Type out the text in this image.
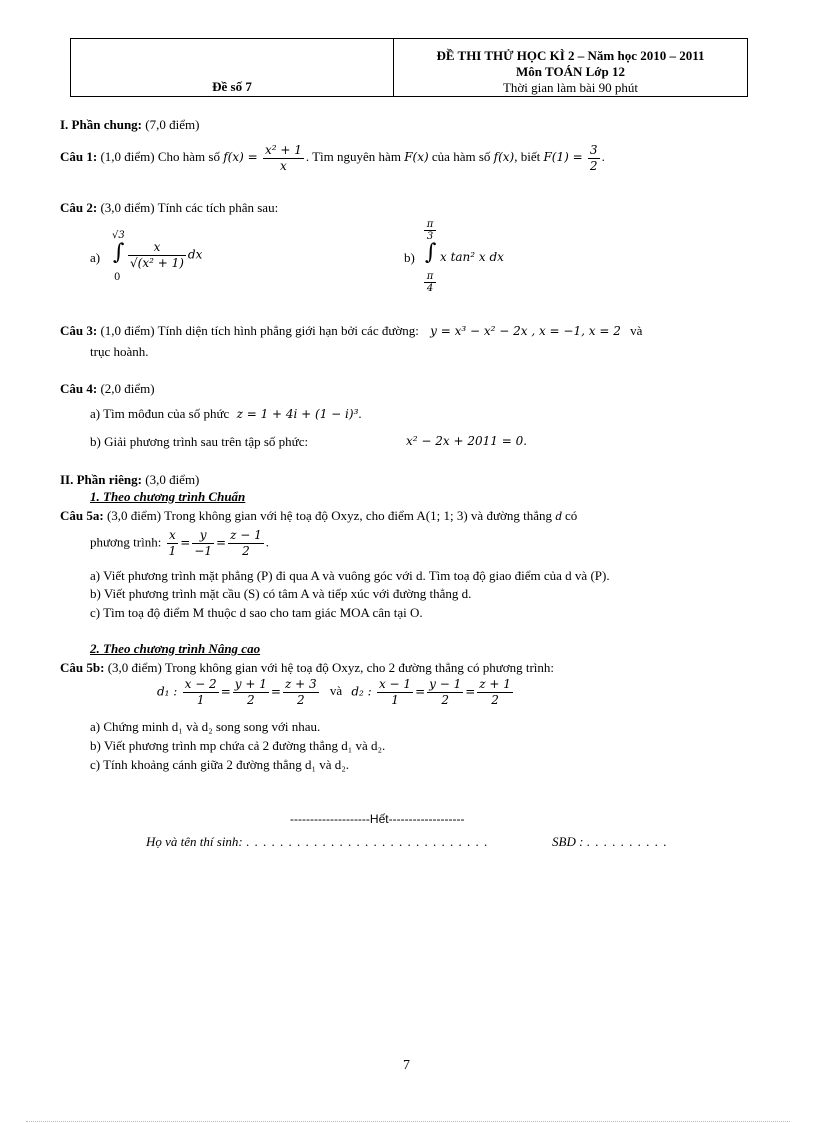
Đề số 7	
ĐỀ THI THỬ HỌC KÌ 2 – Năm học 2010 – 2011
Môn TOÁN Lớp 12
Thời gian làm bài 90 phút
I. Phần chung: (7,0 điểm)
Câu 1: (1,0 điểm) Cho hàm số $f(x) = \frac{\text{x² + 1}}{x}$ . Tìm nguyên hàm F(x) của hàm số f(x), biết $F(1) = \frac{3}{2}$ .
Câu 2: (3,0 điểm) Tính các tích phân sau:
a)
√3
∫
0
$\frac{x}{\text{√(x² + 1)}}$ dx	b)
π
3
∫
π
4
x tan² x dx
Câu 3: (1,0 điểm) Tính diện tích hình phẳng giới hạn bởi các đường: y = x³ − x² − 2x , x = −1, x = 2 và
trục hoành.
Câu 4: (2,0 điểm)
a) Tìm môđun của số phức z = 1 + 4i + (1 − i)³.
b) Giải phương trình sau trên tập số phức:	x² − 2x + 2011 = 0.
II. Phần riêng: (3,0 điểm)
1. Theo chương trình Chuẩn
Câu 5a: (3,0 điểm) Trong không gian với hệ toạ độ Oxyz, cho điểm A(1; 1; 3) và đường thẳng d có
phương trình: $\frac{x}{1} = \frac{y}{-1} = \frac{z - 1}{2}$ .
a) Viết phương trình mặt phẳng (P) đi qua A và vuông góc với d. Tìm toạ độ giao điểm của d và (P).
b) Viết phương trình mặt cầu (S) có tâm A và tiếp xúc với đường thẳng d.
c) Tìm toạ độ điểm M thuộc d sao cho tam giác MOA cân tại O.
2. Theo chương trình Nâng cao
Câu 5b: (3,0 điểm) Trong không gian với hệ toạ độ Oxyz, cho 2 đường thẳng có phương trình:
d₁ : $\frac{x - 2}{1} = \frac{y + 1}{2} = \frac{z + 3}{2}$ và d₂ : $\frac{x - 1}{1} = \frac{y - 1}{2} = \frac{z + 1}{2}$
a) Chứng minh d₁ và d₂ song song với nhau.
b) Viết phương trình mp chứa cả 2 đường thẳng d₁ và d₂.
c) Tính khoảng cánh giữa 2 đường thẳng d₁ và d₂.
--------------------Hết-------------------
Họ và tên thí sinh: . . . . . . . . . . . . . . . . . . . . . . . . . . . . .	SBD : . . . . . . . . . .
7
